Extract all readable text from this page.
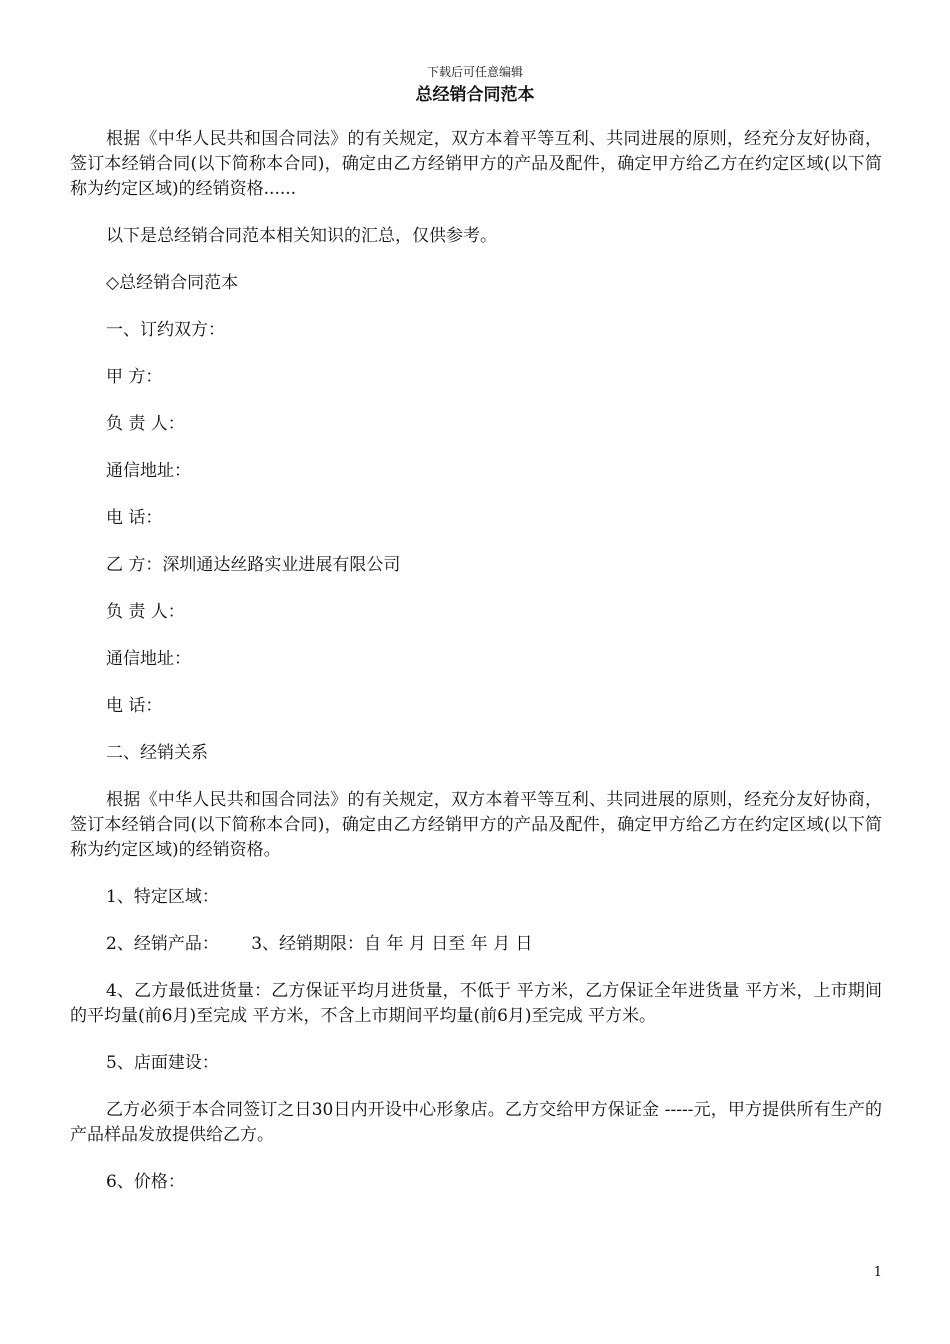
下载后可任意编辑
总经销合同范本

根据《中华人民共和国合同法》的有关规定，双方本着平等互利、共同进展的原则，经充分友好协商，签订本经销合同(以下简称本合同)，确定由乙方经销甲方的产品及配件，确定甲方给乙方在约定区域(以下简称为约定区域)的经销资格......

以下是总经销合同范本相关知识的汇总，仅供参考。

◇总经销合同范本

一、订约双方：

甲 方：

负 责 人：

通信地址：

电 话：

乙 方：深圳通达丝路实业进展有限公司

负 责 人：

通信地址：

电 话：

二、经销关系

根据《中华人民共和国合同法》的有关规定，双方本着平等互利、共同进展的原则，经充分友好协商，签订本经销合同(以下简称本合同)，确定由乙方经销甲方的产品及配件，确定甲方给乙方在约定区域(以下简称为约定区域)的经销资格。

1、特定区域：

2、经销产品：      3、经销期限：自 年 月 日至 年 月 日

4、乙方最低进货量：乙方保证平均月进货量，不低于 平方米，乙方保证全年进货量 平方米，上市期间的平均量(前6月)至完成 平方米，不含上市期间平均量(前6月)至完成 平方米。

5、店面建设：

乙方必须于本合同签订之日30日内开设中心形象店。乙方交给甲方保证金 -----元，甲方提供所有生产的产品样品发放提供给乙方。

6、价格：

1
